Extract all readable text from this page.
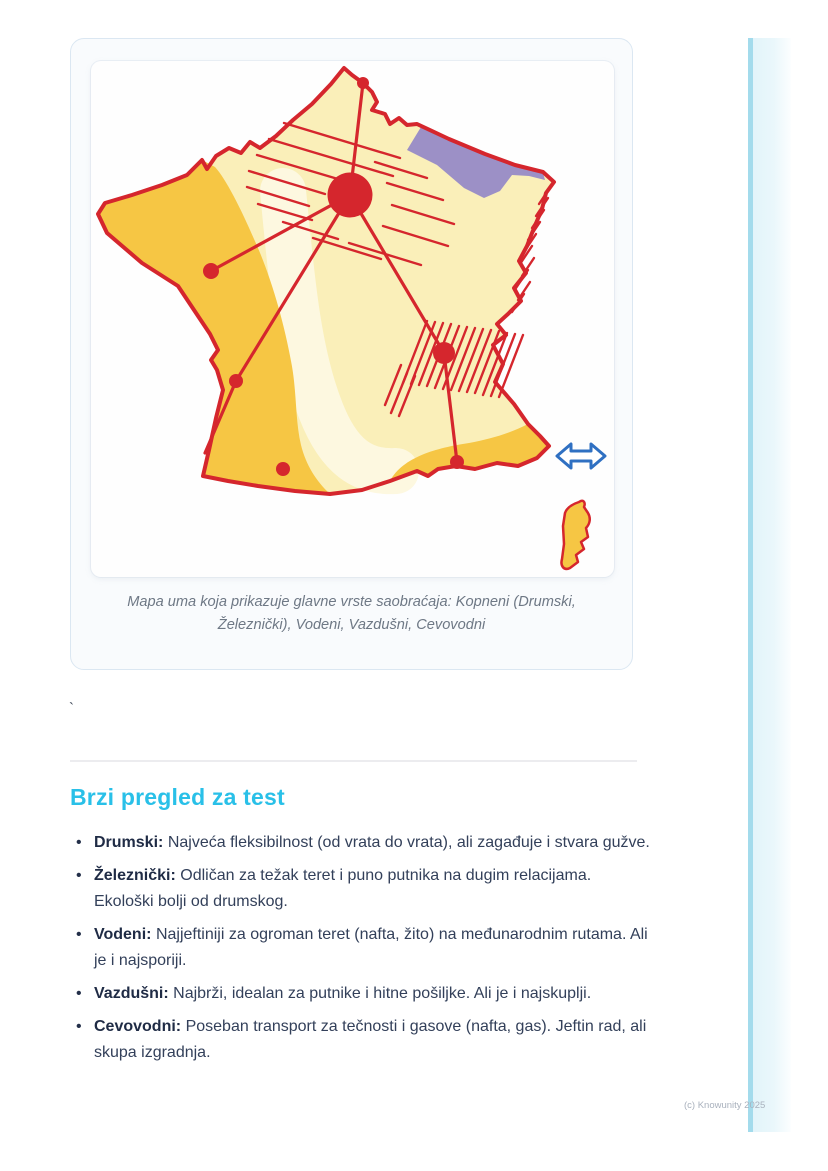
Mapa uma koja prikazuje glavne vrste saobraćaja: Kopneni (Drumski, Železnički), Vodeni, Vazdušni, Cevovodni

`
Brzi pregled za test
• Drumski: Najveća fleksibilnost (od vrata do vrata), ali zagađuje i stvara gužve.
• Železnički: Odličan za težak teret i puno putnika na dugim relacijama. Ekološki bolji od drumskog.
• Vodeni: Najjeftiniji za ogroman teret (nafta, žito) na međunarodnim rutama. Ali je i najsporiji.
• Vazdušni: Najbrži, idealan za putnike i hitne pošiljke. Ali je i najskuplji.
• Cevovodni: Poseban transport za tečnosti i gasove (nafta, gas). Jeftin rad, ali skupa izgradnja.
(c) Knowunity 2025
